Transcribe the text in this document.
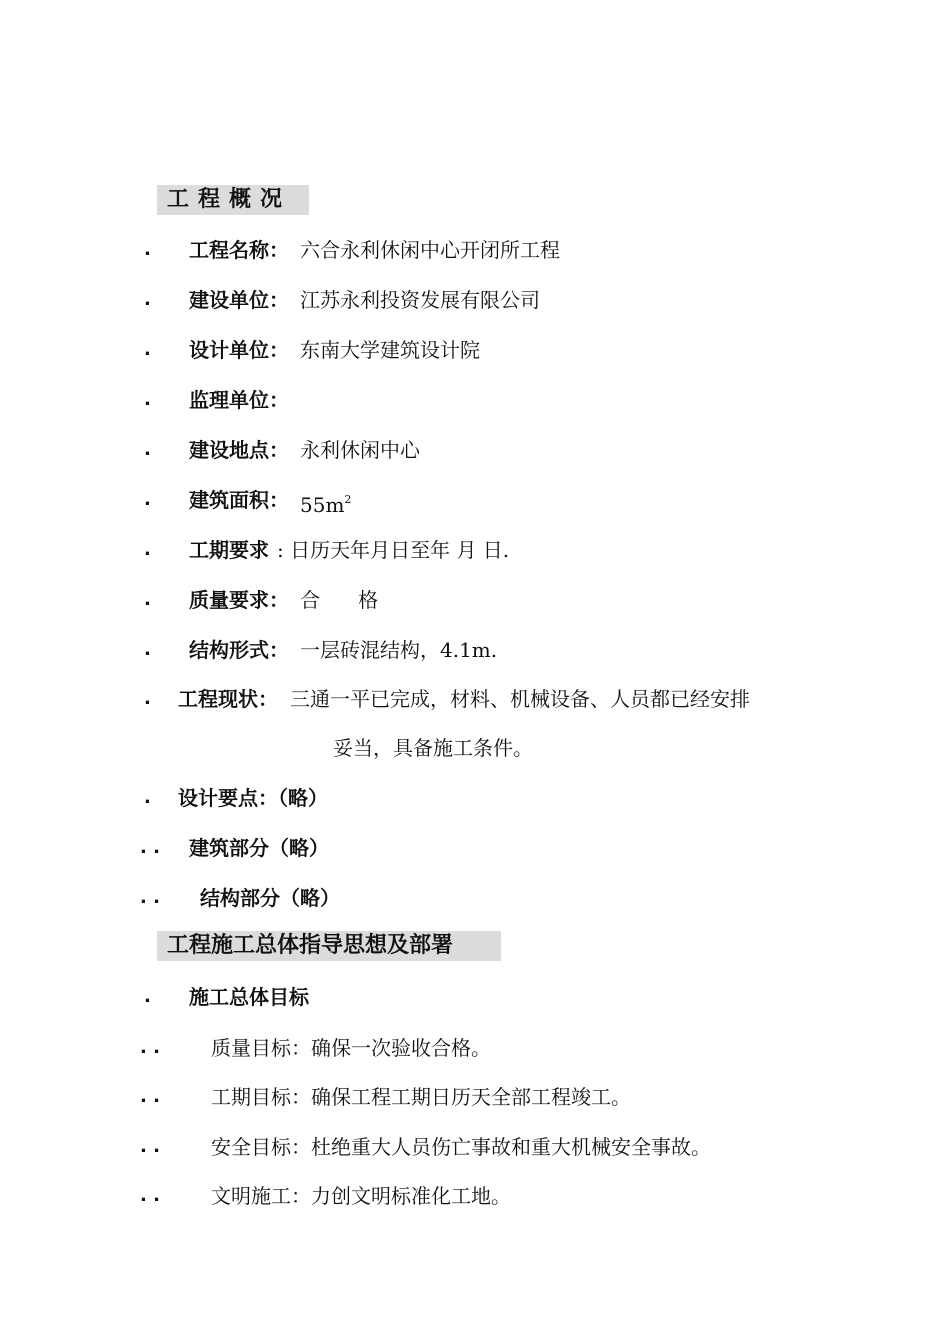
工程概况
. 工程名称： 六合永利休闲中心开闭所工程
. 建设单位： 江苏永利投资发展有限公司
. 设计单位： 东南大学建筑设计院
. 监理单位：
. 建设地点： 永利休闲中心
. 建筑面积： $55m^2$
. 工期要求 : 日历天年月日至年 月 日.
. 质量要求： 合      格
. 结构形式： 一层砖混结构，4.1m.
. 工程现状： 三通一平已完成，材料、机械设备、人员都已经安排
妥当，具备施工条件。
. 设计要点：（略）
. . 建筑部分（略）
. . 结构部分（略）
工程施工总体指导思想及部署
. 施工总体目标
. .	质量目标：确保一次验收合格。
. .	工期目标：确保工程工期日历天全部工程竣工。
. .	安全目标：杜绝重大人员伤亡事故和重大机械安全事故。
. .	文明施工：力创文明标准化工地。
